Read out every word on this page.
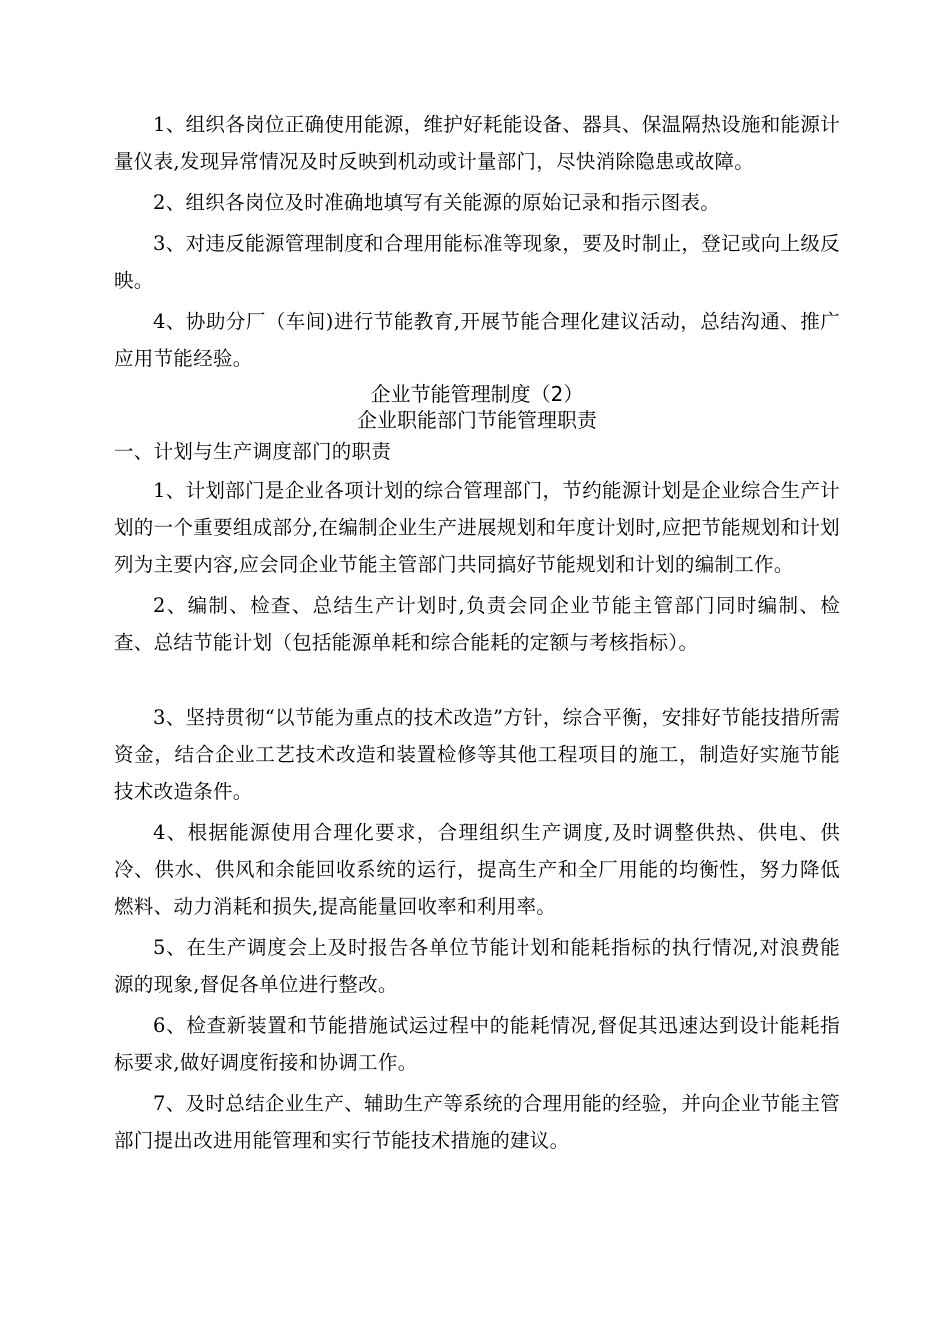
1、组织各岗位正确使用能源，维护好耗能设备、器具、保温隔热设施和能源计量仪表,发现异常情况及时反映到机动或计量部门，尽快消除隐患或故障。

2、组织各岗位及时准确地填写有关能源的原始记录和指示图表。

3、对违反能源管理制度和合理用能标准等现象，要及时制止，登记或向上级反映。

4、协助分厂（车间)进行节能教育,开展节能合理化建议活动，总结沟通、推广应用节能经验。

企业节能管理制度（2）
企业职能部门节能管理职责

一、计划与生产调度部门的职责

1、计划部门是企业各项计划的综合管理部门，节约能源计划是企业综合生产计划的一个重要组成部分,在编制企业生产进展规划和年度计划时,应把节能规划和计划列为主要内容,应会同企业节能主管部门共同搞好节能规划和计划的编制工作。

2、编制、检查、总结生产计划时,负责会同企业节能主管部门同时编制、检查、总结节能计划（包括能源单耗和综合能耗的定额与考核指标）。

3、坚持贯彻“以节能为重点的技术改造”方针，综合平衡，安排好节能技措所需资金，结合企业工艺技术改造和装置检修等其他工程项目的施工，制造好实施节能技术改造条件。

4、根据能源使用合理化要求，合理组织生产调度,及时调整供热、供电、供冷、供水、供风和余能回收系统的运行，提高生产和全厂用能的均衡性，努力降低燃料、动力消耗和损失,提高能量回收率和利用率。

5、在生产调度会上及时报告各单位节能计划和能耗指标的执行情况,对浪费能源的现象,督促各单位进行整改。

6、检查新装置和节能措施试运过程中的能耗情况,督促其迅速达到设计能耗指标要求,做好调度衔接和协调工作。

7、及时总结企业生产、辅助生产等系统的合理用能的经验，并向企业节能主管部门提出改进用能管理和实行节能技术措施的建议。
